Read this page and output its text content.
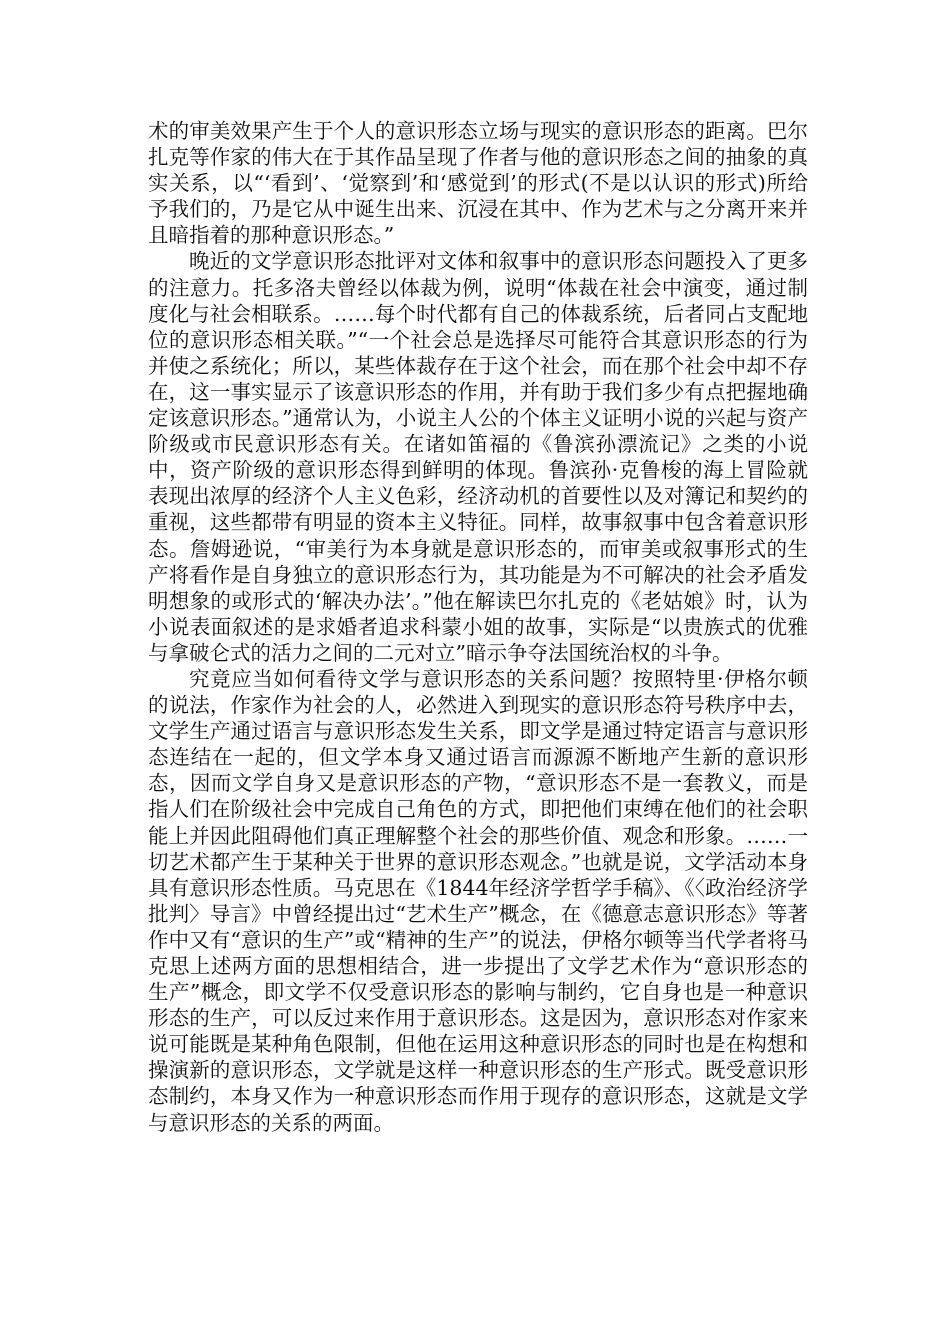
术的审美效果产生于个人的意识形态立场与现实的意识形态的距离。巴尔扎克等作家的伟大在于其作品呈现了作者与他的意识形态之间的抽象的真实关系，以“‘看到’、‘觉察到’和‘感觉到’的形式(不是以认识的形式)所给予我们的，乃是它从中诞生出来、沉浸在其中、作为艺术与之分离开来并且暗指着的那种意识形态。”

晚近的文学意识形态批评对文体和叙事中的意识形态问题投入了更多的注意力。托多洛夫曾经以体裁为例，说明“体裁在社会中演变，通过制度化与社会相联系。……每个时代都有自己的体裁系统，后者同占支配地位的意识形态相关联。”“一个社会总是选择尽可能符合其意识形态的行为并使之系统化；所以，某些体裁存在于这个社会，而在那个社会中却不存在，这一事实显示了该意识形态的作用，并有助于我们多少有点把握地确定该意识形态。”通常认为，小说主人公的个体主义证明小说的兴起与资产阶级或市民意识形态有关。在诸如笛福的《鲁滨孙漂流记》之类的小说中，资产阶级的意识形态得到鲜明的体现。鲁滨孙·克鲁梭的海上冒险就表现出浓厚的经济个人主义色彩，经济动机的首要性以及对簿记和契约的重视，这些都带有明显的资本主义特征。同样，故事叙事中包含着意识形态。詹姆逊说，“审美行为本身就是意识形态的，而审美或叙事形式的生产将看作是自身独立的意识形态行为，其功能是为不可解决的社会矛盾发明想象的或形式的‘解决办法’。”他在解读巴尔扎克的《老姑娘》时，认为小说表面叙述的是求婚者追求科蒙小姐的故事，实际是“以贵族式的优雅与拿破仑式的活力之间的二元对立”暗示争夺法国统治权的斗争。

究竟应当如何看待文学与意识形态的关系问题？按照特里·伊格尔顿的说法，作家作为社会的人，必然进入到现实的意识形态符号秩序中去，文学生产通过语言与意识形态发生关系，即文学是通过特定语言与意识形态连结在一起的，但文学本身又通过语言而源源不断地产生新的意识形态，因而文学自身又是意识形态的产物，“意识形态不是一套教义，而是指人们在阶级社会中完成自己角色的方式，即把他们束缚在他们的社会职能上并因此阻碍他们真正理解整个社会的那些价值、观念和形象。……一切艺术都产生于某种关于世界的意识形态观念。”也就是说，文学活动本身具有意识形态性质。马克思在《1844年经济学哲学手稿》、《〈政治经济学批判〉导言》中曾经提出过“艺术生产”概念，在《德意志意识形态》等著作中又有“意识的生产”或“精神的生产”的说法，伊格尔顿等当代学者将马克思上述两方面的思想相结合，进一步提出了文学艺术作为“意识形态的生产”概念，即文学不仅受意识形态的影响与制约，它自身也是一种意识形态的生产，可以反过来作用于意识形态。这是因为，意识形态对作家来说可能既是某种角色限制，但他在运用这种意识形态的同时也是在构想和操演新的意识形态，文学就是这样一种意识形态的生产形式。既受意识形态制约，本身又作为一种意识形态而作用于现存的意识形态，这就是文学与意识形态的关系的两面。
